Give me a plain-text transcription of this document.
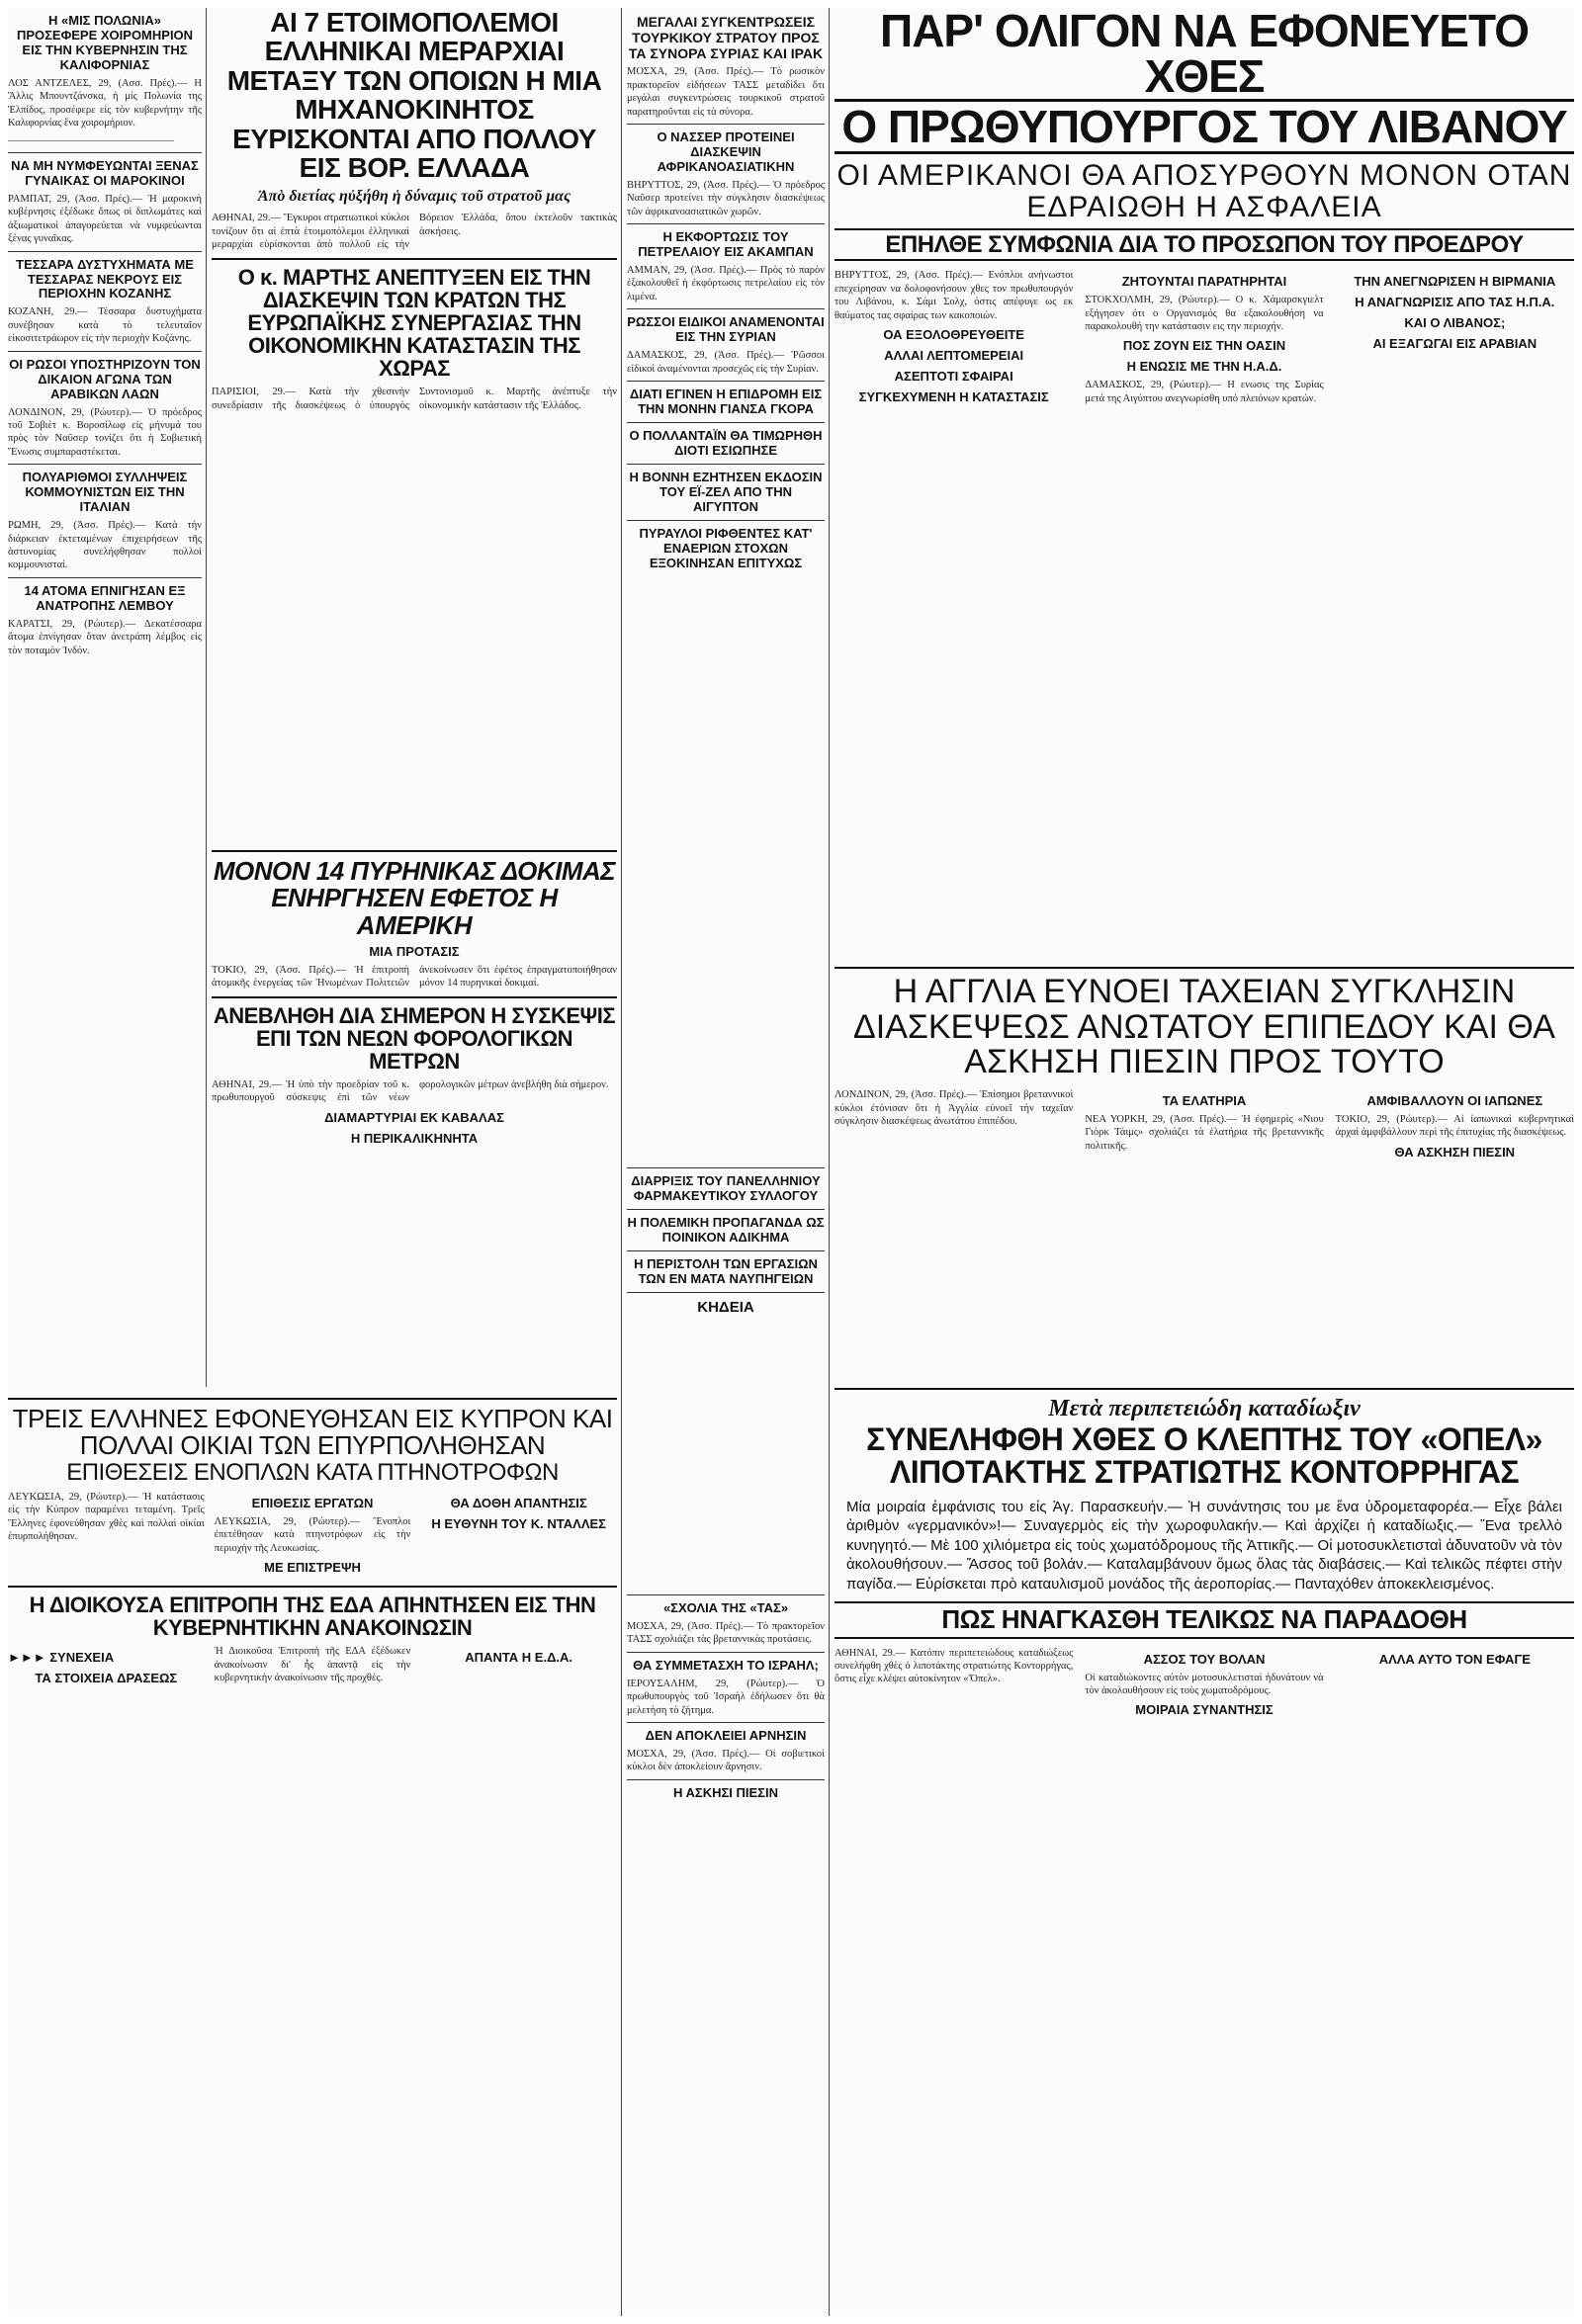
Η «ΜΙΣ ΠΟΛΩΝΙΑ» ΠΡΟΣΕΦΕΡΕ ΧΟΙΡΟΜΗΡΙΟΝ ΕΙΣ ΤΗΝ ΚΥΒΕΡΝΗΣΙΝ ΤΗΣ ΚΑΛΙΦΟΡΝΙΑΣ

ΛΟΣ ΑΝΤΖΕΛΕΣ, 29, (Ασσ. Πρές).— Η Ἄλλις Μπουντζάνσκα, ἡ μίς Πολωνία της Ἐλπίδος, προσέφερε εἰς τὸν κυβερνήτην τῆς Καλιφορνίας ἕνα χοιρομήριον.

————————————————

ΝΑ ΜΗ ΝΥΜΦΕΥΩΝΤΑΙ ΞΕΝΑΣ ΓΥΝΑΙΚΑΣ ΟΙ ΜΑΡΟΚΙΝΟΙ

ΡΑΜΠΑΤ, 29, (Ἀσσ. Πρές).— Ἡ μαροκινὴ κυβέρνησις ἐξέδωκε ὅπως οἱ διπλωμάτες καὶ ἀξιωματικοὶ ἀπαγορεύεται νὰ νυμφεύωνται ξένας γυναῖκας.

ΤΕΣΣΑΡΑ ΔΥΣΤΥΧΗΜΑΤΑ ΜΕ ΤΕΣΣΑΡΑΣ ΝΕΚΡΟΥΣ ΕΙΣ ΠΕΡΙΟΧΗΝ ΚΟΖΑΝΗΣ

ΚΟΖΑΝΗ, 29.— Τέσσαρα δυστυχήματα συνέβησαν κατὰ τὸ τελευταῖον εἰκοσιτετράωρον εἰς τὴν περιοχὴν Κοζάνης.

ΟΙ ΡΩΣΟΙ ΥΠΟΣΤΗΡΙΖΟΥΝ ΤΟΝ ΔΙΚΑΙΟΝ ΑΓΩΝΑ ΤΩΝ ΑΡΑΒΙΚΩΝ ΛΑΩΝ

ΛΟΝΔΙΝΟΝ, 29, (Ρώυτερ).— Ὁ πρόεδρος τοῦ Σοβιὲτ κ. Βοροσίλωφ εἰς μήνυμά του πρὸς τὸν Ναῦσερ τονίζει ὅτι ἡ Σοβιετικὴ Ἕνωσις συμπαραστέκεται.

ΠΟΛΥΑΡΙΘΜΟΙ ΣΥΛΛΗΨΕΙΣ ΚΟΜΜΟΥΝΙΣΤΩΝ ΕΙΣ ΤΗΝ ΙΤΑΛΙΑΝ

ΡΩΜΗ, 29, (Ἀσσ. Πρές).— Κατὰ τὴν διάρκειαν ἐκτεταμένων ἐπιχειρήσεων τῆς ἀστυνομίας συνελήφθησαν πολλοὶ κομμουνισταί.

14 ΑΤΟΜΑ ΕΠΝΙΓΗΣΑΝ ΕΞ ΑΝΑΤΡΟΠΗΣ ΛΕΜΒΟΥ

ΚΑΡΑΤΣΙ, 29, (Ρώυτερ).— Δεκατέσσαρα ἄτομα ἐπνίγησαν ὅταν ἀνετράπη λέμβος εἰς τὸν ποταμὸν Ἰνδόν.

ΑΙ 7 ΕΤΟΙΜΟΠΟΛΕΜΟΙ ΕΛΛΗΝΙΚΑΙ ΜΕΡΑΡΧΙΑΙ ΜΕΤΑΞΥ ΤΩΝ ΟΠΟΙΩΝ Η ΜΙΑ ΜΗΧΑΝΟΚΙΝΗΤΟΣ ΕΥΡΙΣΚΟΝΤΑΙ ΑΠΟ ΠΟΛΛΟΥ ΕΙΣ ΒΟΡ. ΕΛΛΑΔΑ
Ἀπὸ διετίας ηὐξήθη ἡ δύναμις τοῦ στρατοῦ μας

ΑΘΗΝΑΙ, 29.— Ἔγκυροι στρατιωτικοὶ κύκλοι τονίζουν ὅτι αἱ ἑπτὰ ἑτοιμοπόλεμοι ἑλληνικαὶ μεραρχίαι εὑρίσκονται ἀπὸ πολλοῦ εἰς τὴν Βόρειον Ἑλλάδα, ὅπου ἐκτελοῦν τακτικὰς ἀσκήσεις.

Ο κ. ΜΑΡΤΗΣ ΑΝΕΠΤΥΞΕΝ ΕΙΣ ΤΗΝ ΔΙΑΣΚΕΨΙΝ ΤΩΝ ΚΡΑΤΩΝ ΤΗΣ ΕΥΡΩΠΑΪΚΗΣ ΣΥΝΕΡΓΑΣΙΑΣ ΤΗΝ ΟΙΚΟΝΟΜΙΚΗΝ ΚΑΤΑΣΤΑΣΙΝ ΤΗΣ ΧΩΡΑΣ

ΠΑΡΙΣΙΟΙ, 29.— Κατὰ τὴν χθεσινὴν συνεδρίασιν τῆς διασκέψεως ὁ ὑπουργὸς Συντονισμοῦ κ. Μαρτῆς ἀνέπτυξε τὴν οἰκονομικὴν κατάστασιν τῆς Ἑλλάδος.

ΜΟΝΟΝ 14 ΠΥΡΗΝΙΚΑΣ ΔΟΚΙΜΑΣ ΕΝΗΡΓΗΣΕΝ ΕΦΕΤΟΣ Η ΑΜΕΡΙΚΗ
ΜΙΑ ΠΡΟΤΑΣΙΣ

ΤΟΚΙΟ, 29, (Ἀσσ. Πρές).— Ἡ ἐπιτροπὴ ἀτομικῆς ἐνεργείας τῶν Ἡνωμένων Πολιτειῶν ἀνεκοίνωσεν ὅτι ἐφέτος ἐπραγματοποιήθησαν μόνον 14 πυρηνικαὶ δοκιμαί.

ΑΝΕΒΛΗΘΗ ΔΙΑ ΣΗΜΕΡΟΝ Η ΣΥΣΚΕΨΙΣ ΕΠΙ ΤΩΝ ΝΕΩΝ ΦΟΡΟΛΟΓΙΚΩΝ ΜΕΤΡΩΝ

ΑΘΗΝΑΙ, 29.— Ἡ ὑπὸ τὴν προεδρίαν τοῦ κ. πρωθυπουργοῦ σύσκεψις ἐπὶ τῶν νέων φορολογικῶν μέτρων ἀνεβλήθη διὰ σήμερον.

ΔΙΑΜΑΡΤΥΡΙΑΙ ΕΚ ΚΑΒΑΛΑΣ
Η ΠΕΡΙΚΑΛΙΚΗΝΗΤΑ
ΜΕΓΑΛΑΙ ΣΥΓΚΕΝΤΡΩΣΕΙΣ ΤΟΥΡΚΙΚΟΥ ΣΤΡΑΤΟΥ ΠΡΟΣ ΤΑ ΣΥΝΟΡΑ ΣΥΡΙΑΣ ΚΑΙ ΙΡΑΚ

ΜΟΣΧΑ, 29, (Ἀσσ. Πρές).— Τὸ ρωσικὸν πρακτορεῖον εἰδήσεων ΤΑΣΣ μεταδίδει ὅτι μεγάλαι συγκεντρώσεις τουρκικοῦ στρατοῦ παρατηροῦνται εἰς τὰ σύνορα.

Ο ΝΑΣΣΕΡ ΠΡΟΤΕΙΝΕΙ ΔΙΑΣΚΕΨΙΝ ΑΦΡΙΚΑΝΟΑΣΙΑΤΙΚΗΝ

ΒΗΡΥΤΤΟΣ, 29, (Ἀσσ. Πρές).— Ὁ πρόεδρος Ναῦσερ προτείνει τὴν σύγκλησιν διασκέψεως τῶν ἀφρικανοασιατικῶν χωρῶν.

Η ΕΚΦΟΡΤΩΣΙΣ ΤΟΥ ΠΕΤΡΕΛΑΙΟΥ ΕΙΣ ΑΚΑΜΠΑΝ

ΑΜΜΑΝ, 29, (Ἀσσ. Πρές).— Πρὸς τὸ παρὸν ἐξακολουθεῖ ἡ ἐκφόρτωσις πετρελαίου εἰς τὸν λιμένα.

ΡΩΣΣΟΙ ΕΙΔΙΚΟΙ ΑΝΑΜΕΝΟΝΤΑΙ ΕΙΣ ΤΗΝ ΣΥΡΙΑΝ

ΔΑΜΑΣΚΟΣ, 29, (Ἀσσ. Πρές).— Ῥῶσσοι εἰδικοὶ ἀναμένονται προσεχῶς εἰς τὴν Συρίαν.

ΔΙΑΤΙ ΕΓΙΝΕΝ Η ΕΠΙΔΡΟΜΗ ΕΙΣ ΤΗΝ ΜΟΝΗΝ ΓΙΑΝΣΑ ΓΚΟΡΑ
Ο ΠΟΛΛΑΝΤΑΪΝ ΘΑ ΤΙΜΩΡΗΘΗ ΔΙΟΤΙ ΕΣΙΩΠΗΣΕ
Η ΒΟΝΝΗ ΕΖΗΤΗΣΕΝ ΕΚΔΟΣΙΝ ΤΟΥ ΕΪ-ΖΕΛ ΑΠΟ ΤΗΝ ΑΙΓΥΠΤΟΝ
ΠΥΡΑΥΛΟΙ ΡΙΦΘΕΝΤΕΣ ΚΑΤ' ΕΝΑΕΡΙΩΝ ΣΤΟΧΩΝ ΕΞΟΚΙΝΗΣΑΝ ΕΠΙΤΥΧΩΣ
ΔΙΑΡΡΙΞΙΣ ΤΟΥ ΠΑΝΕΛΛΗΝΙΟΥ ΦΑΡΜΑΚΕΥΤΙΚΟΥ ΣΥΛΛΟΓΟΥ
Η ΠΟΛΕΜΙΚΗ ΠΡΟΠΑΓΑΝΔΑ ΩΣ ΠΟΙΝΙΚΟΝ ΑΔΙΚΗΜΑ
Η ΠΕΡΙΣΤΟΛΗ ΤΩΝ ΕΡΓΑΣΙΩΝ ΤΩΝ ΕΝ ΜΑΤΑ ΝΑΥΠΗΓΕΙΩΝ
ΚΗΔΕΙΑ
ΠΑΡ' ΟΛΙΓΟΝ ΝΑ ΕΦΟΝΕΥΕΤΟ ΧΘΕΣ
Ο ΠΡΩΘΥΠΟΥΡΓΟΣ ΤΟΥ ΛΙΒΑΝΟΥ
ΟΙ ΑΜΕΡΙΚΑΝΟΙ ΘΑ ΑΠΟΣΥΡΘΟΥΝ ΜΟΝΟΝ ΟΤΑΝ ΕΔΡΑΙΩΘΗ Η ΑΣΦΑΛΕΙΑ
ΕΠΗΛΘΕ ΣΥΜΦΩΝΙΑ ΔΙΑ ΤΟ ΠΡΟΣΩΠΟΝ ΤΟΥ ΠΡΟΕΔΡΟΥ

ΒΗΡΥΤΤΟΣ, 29, (Ασσ. Πρές).— Ενόπλοι ανήνωστοι επεχείρησαν να δολοφονήσουν χθες τον πρωθυπουργόν του Λιβάνου, κ. Σάμι Σολχ, όστις απέφυγε ως εκ θαύματος τας σφαίρας των κακοποιών.

ΟΑ ΕΞΟΛΟΘΡΕΥΘΕΙΤΕ
ΑΛΛΑΙ ΛΕΠΤΟΜΕΡΕΙΑΙ
ΑΣΕΠΤΟΤΙ ΣΦΑΙΡΑΙ
ΣΥΓΚΕΧΥΜΕΝΗ Η ΚΑΤΑΣΤΑΣΙΣ
ΖΗΤΟΥΝΤΑΙ ΠΑΡΑΤΗΡΗΤΑΙ

ΣΤΟΚΧΟΛΜΗ, 29, (Ρώυτερ).— Ο κ. Χάμαρσκγιελτ εξήγησεν ότι ο Οργανισμός θα εξακολουθήση να παρακολουθή την κατάστασιν εις την περιοχήν.

ΠΟΣ ΖΟΥΝ ΕΙΣ ΤΗΝ ΟΑΣΙΝ
Η ΕΝΩΣΙΣ ΜΕ ΤΗΝ Η.Α.Δ.

ΔΑΜΑΣΚΟΣ, 29, (Ρώυτερ).— Η ενωσις της Συρίας μετά της Αιγύπτου ανεγνωρίσθη υπό πλειόνων κρατών.

ΤΗΝ ΑΝΕΓΝΩΡΙΣΕΝ Η ΒΙΡΜΑΝΙΑ
Η ΑΝΑΓΝΩΡΙΣΙΣ ΑΠΟ ΤΑΣ Η.Π.Α.
ΚΑΙ Ο ΛΙΒΑΝΟΣ;
ΑΙ ΕΞΑΓΩΓΑΙ ΕΙΣ ΑΡΑΒΙΑΝ
Η ΑΓΓΛΙΑ ΕΥΝΟΕΙ ΤΑΧΕΙΑΝ ΣΥΓΚΛΗΣΙΝ ΔΙΑΣΚΕΨΕΩΣ ΑΝΩΤΑΤΟΥ ΕΠΙΠΕΔΟΥ ΚΑΙ ΘΑ ΑΣΚΗΣΗ ΠΙΕΣΙΝ ΠΡΟΣ ΤΟΥΤΟ

ΛΟΝΔΙΝΟΝ, 29, (Ἀσσ. Πρές).— Ἐπίσημοι βρεταννικοὶ κύκλοι ἐτόνισαν ὅτι ἡ Ἀγγλία εὐνοεῖ τὴν ταχεῖαν σύγκλησιν διασκέψεως ἀνωτάτου ἐπιπέδου.

ΤΑ ΕΛΑΤΗΡΙΑ

ΝΕΑ ΥΟΡΚΗ, 29, (Ἀσσ. Πρές).— Ἡ ἐφημερὶς «Νιου Γιὸρκ Τάιμς» σχολιάζει τὰ ἐλατήρια τῆς βρεταννικῆς πολιτικῆς.

ΑΜΦΙΒΑΛΛΟΥΝ ΟΙ ΙΑΠΩΝΕΣ

ΤΟΚΙΟ, 29, (Ρώυτερ).— Αἱ ἰαπωνικαὶ κυβερνητικαὶ ἀρχαὶ ἀμφιβάλλουν περὶ τῆς ἐπιτυχίας τῆς διασκέψεως.

ΘΑ ΑΣΚΗΣΗ ΠΙΕΣΙΝ
Μετὰ περιπετειώδη καταδίωξιν
ΣΥΝΕΛΗΦΘΗ ΧΘΕΣ Ο ΚΛΕΠΤΗΣ ΤΟΥ «ΟΠΕΛ» ΛΙΠΟΤΑΚΤΗΣ ΣΤΡΑΤΙΩΤΗΣ ΚΟΝΤΟΡΡΗΓΑΣ

Μία μοιραία ἐμφάνισις του εἰς Ἁγ. Παρασκευήν.— Ἡ συνάντησις του με ἕνα ὑδρομεταφορέα.— Εἶχε βάλει ἀριθμὸν «γερμανικόν»!— Συναγερμὸς εἰς τὴν χωροφυλακήν.— Καὶ ἀρχίζει ἡ καταδίωξις.— Ἕνα τρελλὸ κυνηγητό.— Μὲ 100 χιλιόμετρα εἰς τοὺς χωματόδρομους τῆς Ἀττικῆς.— Οἱ μοτοσυκλετισταὶ ἀδυνατοῦν νὰ τὸν ἀκολουθήσουν.— Ἄσσος τοῦ βολάν.— Καταλαμβάνουν ὅμως ὅλας τὰς διαβάσεις.— Καὶ τελικῶς πέφτει στὴν παγίδα.— Εὑρίσκεται πρὸ καταυλισμοῦ μονάδος τῆς ἀεροπορίας.— Πανταχόθεν ἀποκεκλεισμένος.

ΠΩΣ ΗΝΑΓΚΑΣΘΗ ΤΕΛΙΚΩΣ ΝΑ ΠΑΡΑΔΟΘΗ

ΑΘΗΝΑΙ, 29.— Κατόπιν περιπετειώδους καταδιώξεως συνελήφθη χθὲς ὁ λιποτάκτης στρατιώτης Κοντορρήγας, ὅστις εἶχε κλέψει αὐτοκίνητον «Ὄπελ».

ΑΣΣΟΣ ΤΟΥ ΒΟΛΑΝ

Οἱ καταδιώκοντες αὐτὸν μοτοσυκλετισταὶ ἠδυνάτουν νὰ τὸν ἀκολουθήσουν εἰς τοὺς χωματοδρόμους.

ΜΟΙΡΑΙΑ ΣΥΝΑΝΤΗΣΙΣ
ΑΛΛΑ ΑΥΤΟ ΤΟΝ ΕΦΑΓΕ
ΤΡΕΙΣ ΕΛΛΗΝΕΣ ΕΦΟΝΕΥΘΗΣΑΝ ΕΙΣ ΚΥΠΡΟΝ ΚΑΙ ΠΟΛΛΑΙ ΟΙΚΙΑΙ ΤΩΝ ΕΠΥΡΠΟΛΗΘΗΣΑΝ
ΕΠΙΘΕΣΕΙΣ ΕΝΟΠΛΩΝ ΚΑΤΑ ΠΤΗΝΟΤΡΟΦΩΝ

ΛΕΥΚΩΣΙΑ, 29, (Ρώυτερ).— Ἡ κατάστασις εἰς τὴν Κύπρον παραμένει τεταμένη. Τρεῖς Ἕλληνες ἐφονεύθησαν χθὲς καὶ πολλαὶ οἰκίαι ἐπυρπολήθησαν.

ΕΠΙΘΕΣΙΣ ΕΡΓΑΤΩΝ

ΛΕΥΚΩΣΙΑ, 29, (Ρώυτερ).— Ἔνοπλοι ἐπετέθησαν κατὰ πτηνοτρόφων εἰς τὴν περιοχὴν τῆς Λευκωσίας.

ΜΕ ΕΠΙΣΤΡΕΨΗ
ΘΑ ΔΟΘΗ ΑΠΑΝΤΗΣΙΣ
Η ΕΥΘΥΝΗ ΤΟΥ Κ. ΝΤΑΛΛΕΣ
Η ΔΙΟΙΚΟΥΣΑ ΕΠΙΤΡΟΠΗ ΤΗΣ ΕΔΑ ΑΠΗΝΤΗΣΕΝ ΕΙΣ ΤΗΝ ΚΥΒΕΡΝΗΤΙΚΗΝ ΑΝΑΚΟΙΝΩΣΙΝ
►►► ΣΥΝΕΧΕΙΑ
ΤΑ ΣΤΟΙΧΕΙΑ ΔΡΑΣΕΩΣ

Ἡ Διοικοῦσα Ἐπιτροπὴ τῆς ΕΔΑ ἐξέδωκεν ἀνακοίνωσιν δι' ἧς ἀπαντᾷ εἰς τὴν κυβερνητικὴν ἀνακοίνωσιν τῆς προχθές.

ΑΠΑΝΤΑ Η Ε.Δ.Α.
«ΣΧΟΛΙΑ ΤΗΣ «ΤΑΣ»

ΜΟΣΧΑ, 29, (Ἀσσ. Πρές).— Τὸ πρακτορεῖον ΤΑΣΣ σχολιάζει τὰς βρεταννικὰς προτάσεις.

ΘΑ ΣΥΜΜΕΤΑΣΧΗ ΤΟ ΙΣΡΑΗΛ;

ΙΕΡΟΥΣΑΛΗΜ, 29, (Ρώυτερ).— Ὁ πρωθυπουργὸς τοῦ Ἰσραὴλ ἐδήλωσεν ὅτι θὰ μελετήση τὸ ζήτημα.

ΔΕΝ ΑΠΟΚΛΕΙΕΙ ΑΡΝΗΣΙΝ

ΜΟΣΧΑ, 29, (Ἀσσ. Πρές).— Οἱ σοβιετικοὶ κύκλοι δὲν ἀποκλείουν ἄρνησιν.

Η ΑΣΚΗΣΙ ΠΙΕΣΙΝ
